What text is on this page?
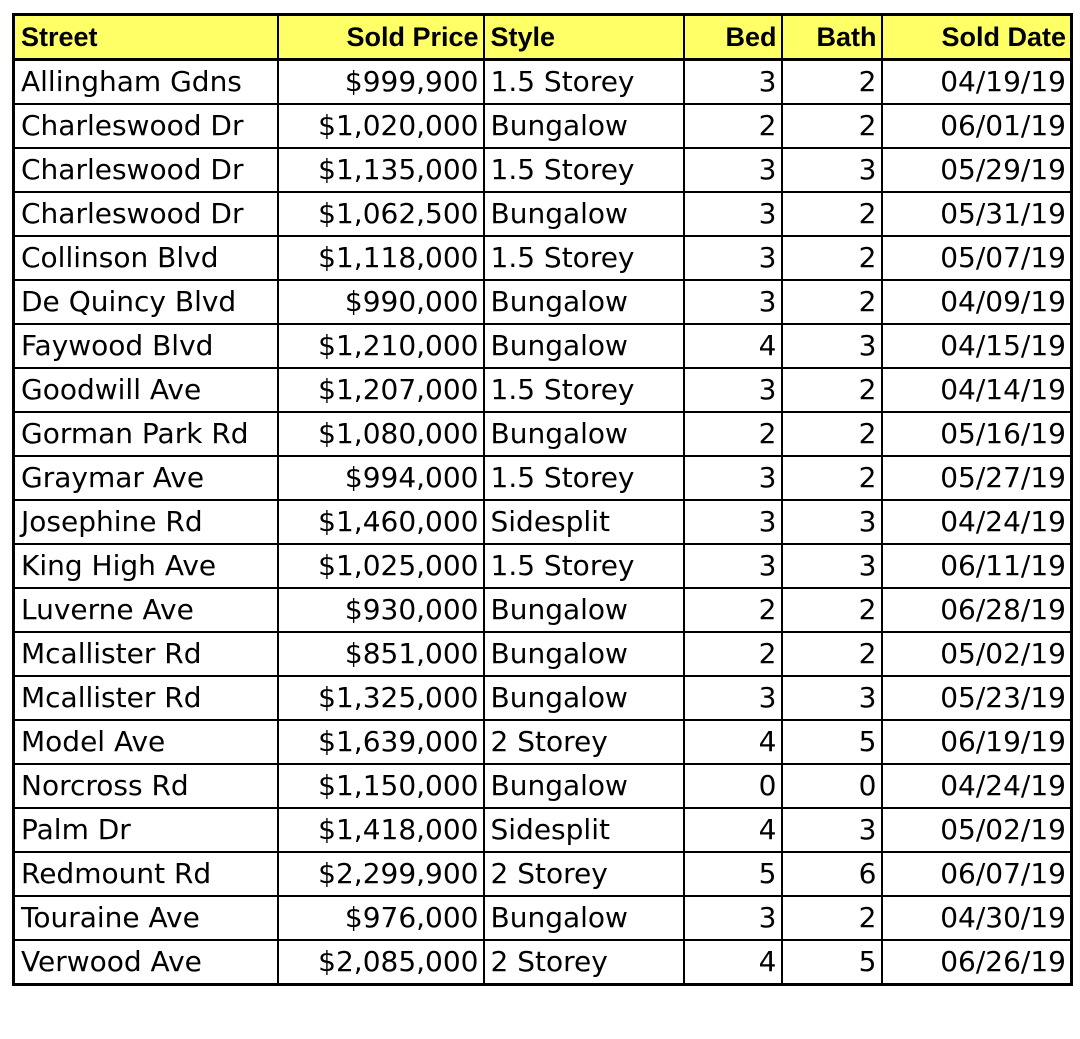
Street	Sold Price	Style	Bed	Bath	Sold Date
Allingham Gdns	$999,900	1.5 Storey	3	2	04/19/19
Charleswood Dr	$1,020,000	Bungalow	2	2	06/01/19
Charleswood Dr	$1,135,000	1.5 Storey	3	3	05/29/19
Charleswood Dr	$1,062,500	Bungalow	3	2	05/31/19
Collinson Blvd	$1,118,000	1.5 Storey	3	2	05/07/19
De Quincy Blvd	$990,000	Bungalow	3	2	04/09/19
Faywood Blvd	$1,210,000	Bungalow	4	3	04/15/19
Goodwill Ave	$1,207,000	1.5 Storey	3	2	04/14/19
Gorman Park Rd	$1,080,000	Bungalow	2	2	05/16/19
Graymar Ave	$994,000	1.5 Storey	3	2	05/27/19
Josephine Rd	$1,460,000	Sidesplit	3	3	04/24/19
King High Ave	$1,025,000	1.5 Storey	3	3	06/11/19
Luverne Ave	$930,000	Bungalow	2	2	06/28/19
Mcallister Rd	$851,000	Bungalow	2	2	05/02/19
Mcallister Rd	$1,325,000	Bungalow	3	3	05/23/19
Model Ave	$1,639,000	2 Storey	4	5	06/19/19
Norcross Rd	$1,150,000	Bungalow	0	0	04/24/19
Palm Dr	$1,418,000	Sidesplit	4	3	05/02/19
Redmount Rd	$2,299,900	2 Storey	5	6	06/07/19
Touraine Ave	$976,000	Bungalow	3	2	04/30/19
Verwood Ave	$2,085,000	2 Storey	4	5	06/26/19
